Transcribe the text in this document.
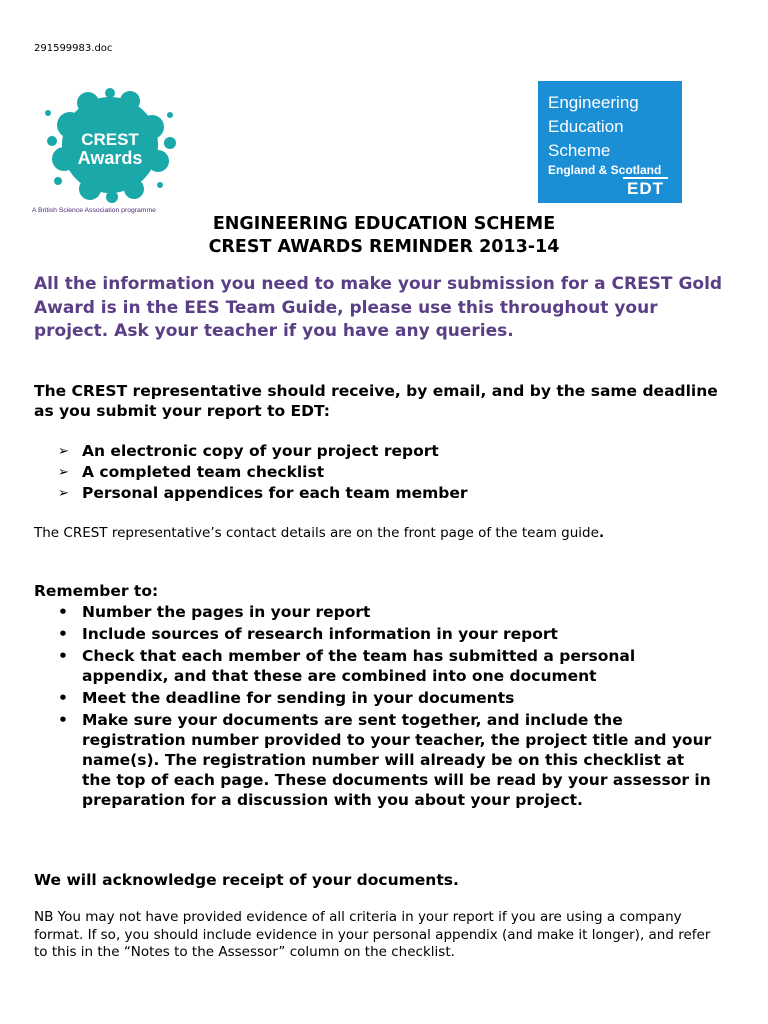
291599983.doc
CREST
Awards
A British Science Association programme
Engineering
Education
Scheme
England & Scotland
EDT
ENGINEERING EDUCATION SCHEME
CREST AWARDS REMINDER 2013-14
All the information you need to make your submission for a CREST Gold Award is in the EES Team Guide, please use this throughout your project. Ask your teacher if you have any queries.
The CREST representative should receive, by email, and by the same deadline as you submit your report to EDT:
➢ An electronic copy of your project report
➢ A completed team checklist
➢ Personal appendices for each team member
The CREST representative’s contact details are on the front page of the team guide.
Remember to:
• Number the pages in your report
• Include sources of research information in your report
• Check that each member of the team has submitted a personal appendix, and that these are combined into one document
• Meet the deadline for sending in your documents
• Make sure your documents are sent together, and include the registration number provided to your teacher, the project title and your name(s). The registration number will already be on this checklist at the top of each page. These documents will be read by your assessor in preparation for a discussion with you about your project.
We will acknowledge receipt of your documents.
NB You may not have provided evidence of all criteria in your report if you are using a company format. If so, you should include evidence in your personal appendix (and make it longer), and refer to this in the “Notes to the Assessor” column on the checklist.
